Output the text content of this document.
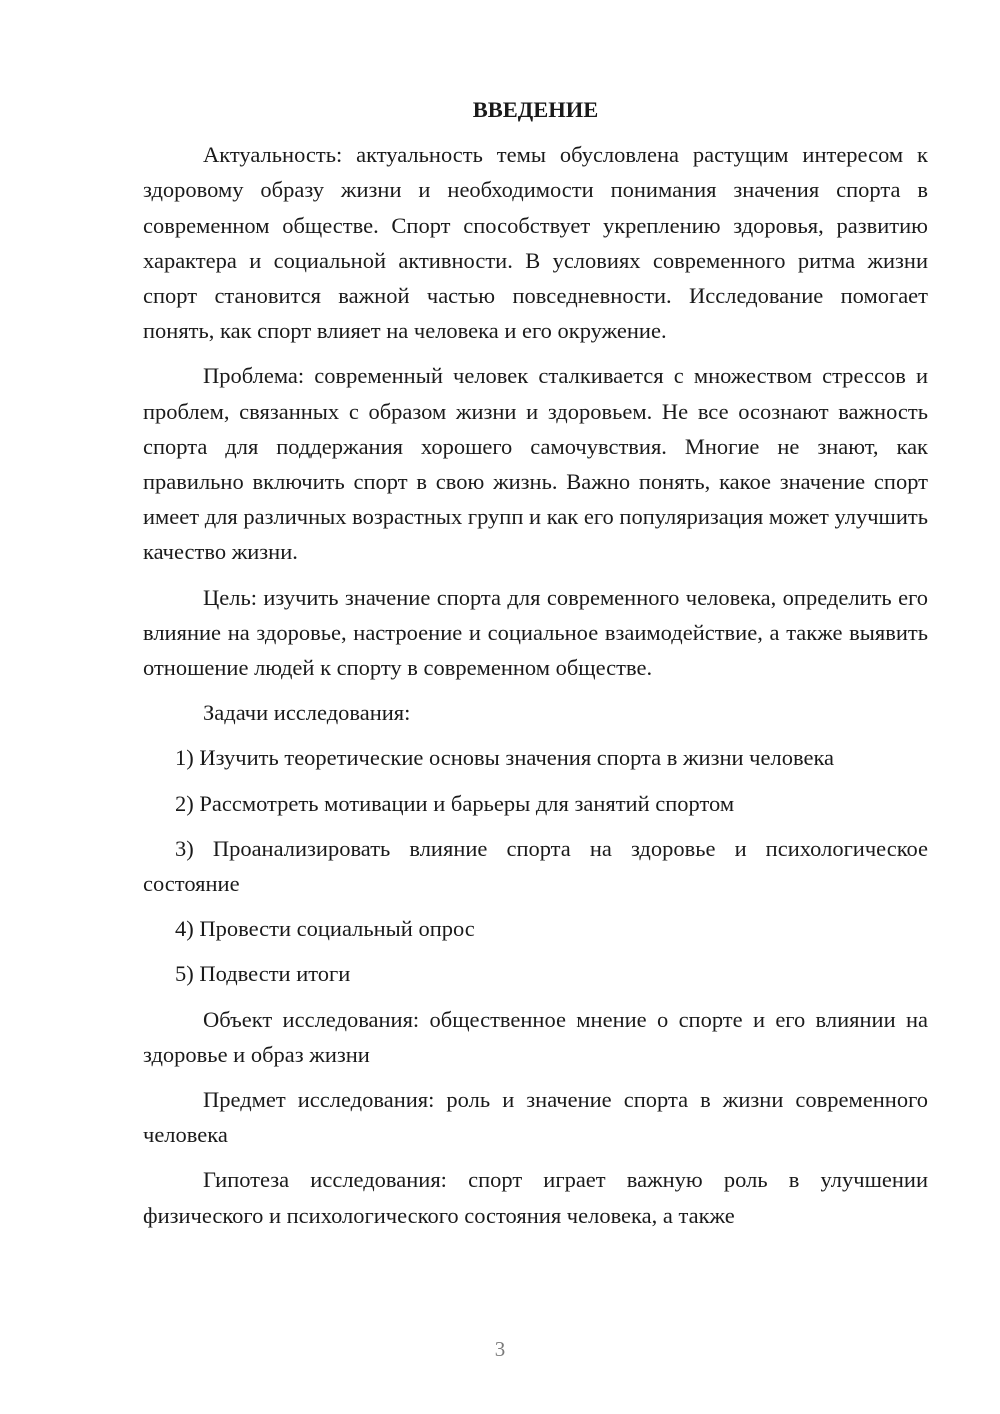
ВВЕДЕНИЕ

Актуальность: актуальность темы обусловлена растущим интересом к здоровому образу жизни и необходимости понимания значения спорта в современном обществе. Спорт способствует укреплению здоровья, развитию характера и социальной активности. В условиях современного ритма жизни спорт становится важной частью повседневности. Исследование помогает понять, как спорт влияет на человека и его окружение.

Проблема: современный человек сталкивается с множеством стрессов и проблем, связанных с образом жизни и здоровьем. Не все осознают важность спорта для поддержания хорошего самочувствия. Многие не знают, как правильно включить спорт в свою жизнь. Важно понять, какое значение спорт имеет для различных возрастных групп и как его популяризация может улучшить качество жизни.

Цель: изучить значение спорта для современного человека, определить его влияние на здоровье, настроение и социальное взаимодействие, а также выявить отношение людей к спорту в современном обществе.

Задачи исследования:

1) Изучить теоретические основы значения спорта в жизни человека

2) Рассмотреть мотивации и барьеры для занятий спортом

3) Проанализировать влияние спорта на здоровье и психологическое состояние

4) Провести социальный опрос

5) Подвести итоги

Объект исследования: общественное мнение о спорте и его влиянии на здоровье и образ жизни

Предмет исследования: роль и значение спорта в жизни современного человека

Гипотеза исследования: спорт играет важную роль в улучшении физического и психологического состояния человека, а также

3
